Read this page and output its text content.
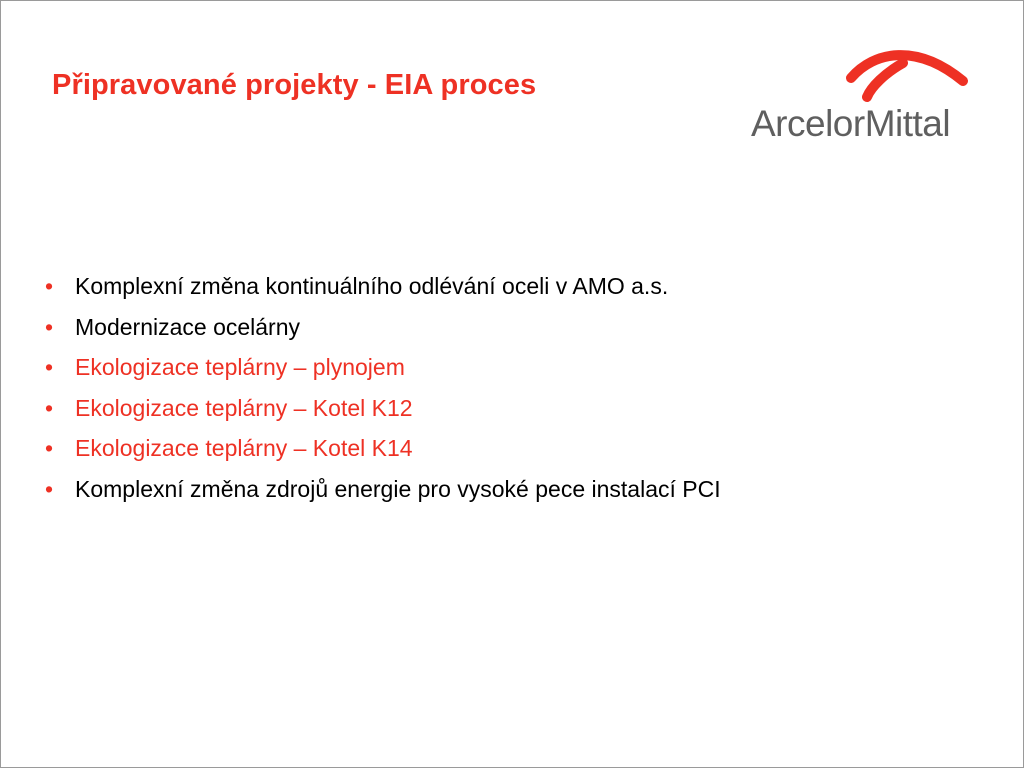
Připravované projekty - EIA proces
ArcelorMittal
• Komplexní změna kontinuálního odlévání oceli v AMO a.s.
• Modernizace ocelárny
• Ekologizace teplárny – plynojem
• Ekologizace teplárny – Kotel K12
• Ekologizace teplárny – Kotel K14
• Komplexní změna zdrojů energie pro vysoké pece instalací PCI
